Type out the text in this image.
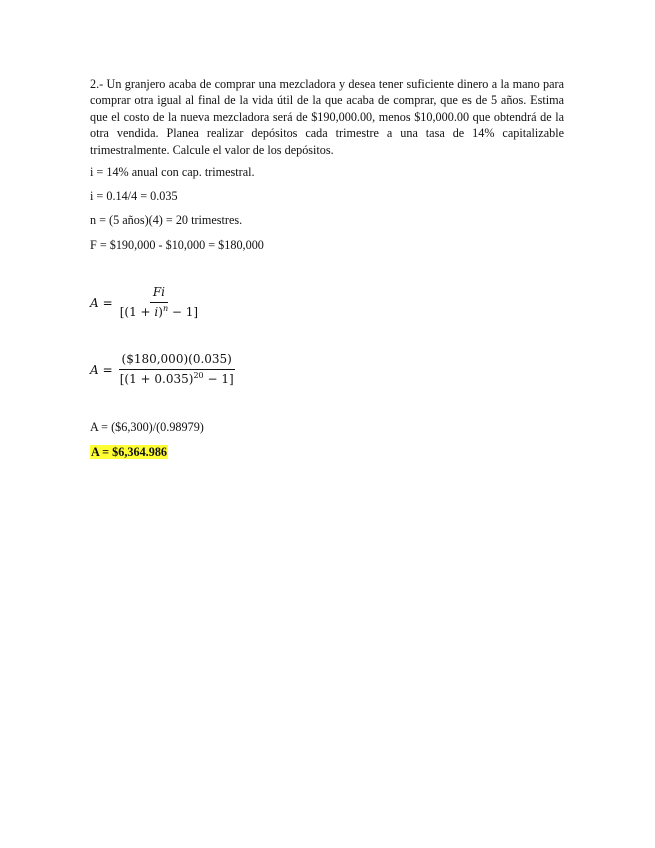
2.- Un granjero acaba de comprar una mezcladora y desea tener suficiente dinero a la mano para comprar otra igual al final de la vida útil de la que acaba de comprar, que es de 5 años. Estima que el costo de la nueva mezcladora será de $190,000.00, menos $10,000.00 que obtendrá de la otra vendida. Planea realizar depósitos cada trimestre a una tasa de 14% capitalizable trimestralmente. Calcule el valor de los depósitos.
i = 14% anual con cap. trimestral.
i = 0.14/4 = 0.035
n = (5 años)(4) = 20 trimestres.
F = $190,000 - $10,000 = $180,000
$A = \frac{Fi}{[(1 + i)^n - 1]}$
$A = \frac{(\$180,000)(0.035)}{[(1 + 0.035)^{20} - 1]}$
A = ($6,300)/(0.98979)
A = $6,364.986
